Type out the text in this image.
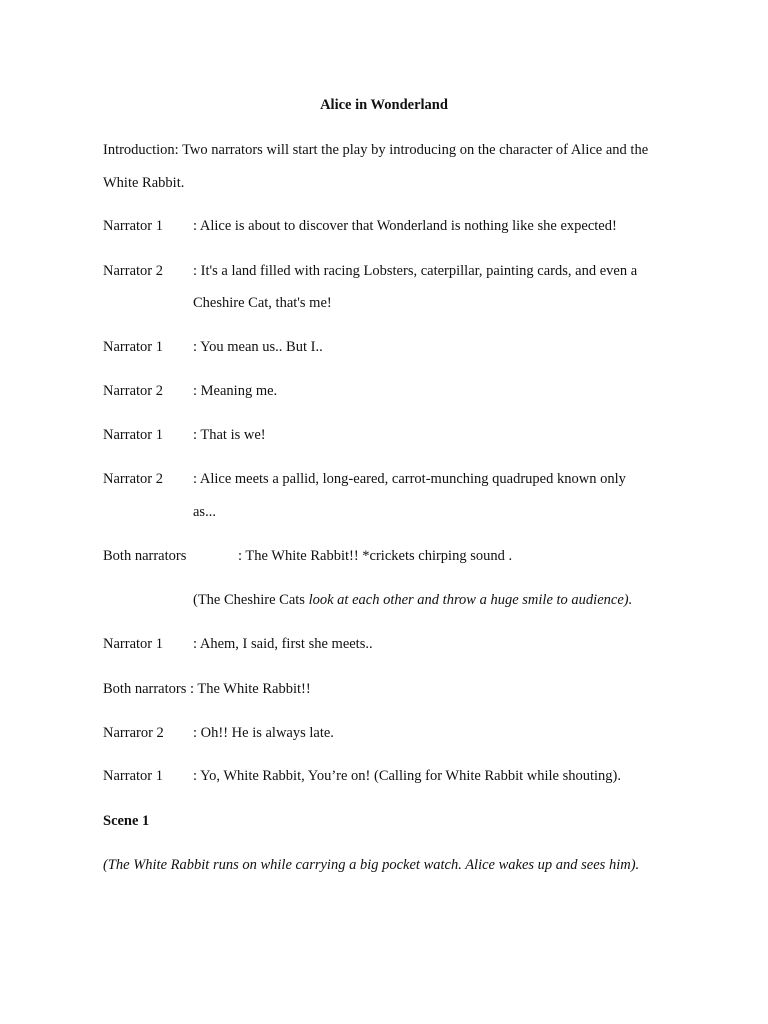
Alice in Wonderland
Introduction: Two narrators will start the play by introducing on the character of Alice and the
White Rabbit.
Narrator 1 : Alice is about to discover that Wonderland is nothing like she expected!
Narrator 2 : It's a land filled with racing Lobsters, caterpillar, painting cards, and even a
Cheshire Cat, that's me!
Narrator 1 : You mean us.. But I..
Narrator 2 : Meaning me.
Narrator 1 : That is we!
Narrator 2 : Alice meets a pallid, long-eared, carrot-munching quadruped known only
as...
Both narrators	: The White Rabbit!! *crickets chirping sound .
(The Cheshire Cats look at each other and throw a huge smile to audience).
Narrator 1 : Ahem, I said, first she meets..
Both narrators : The White Rabbit!!
Narraror 2 : Oh!! He is always late.
Narrator 1 : Yo, White Rabbit, You’re on! (Calling for White Rabbit while shouting).
Scene 1
(The White Rabbit runs on while carrying a big pocket watch. Alice wakes up and sees him).
